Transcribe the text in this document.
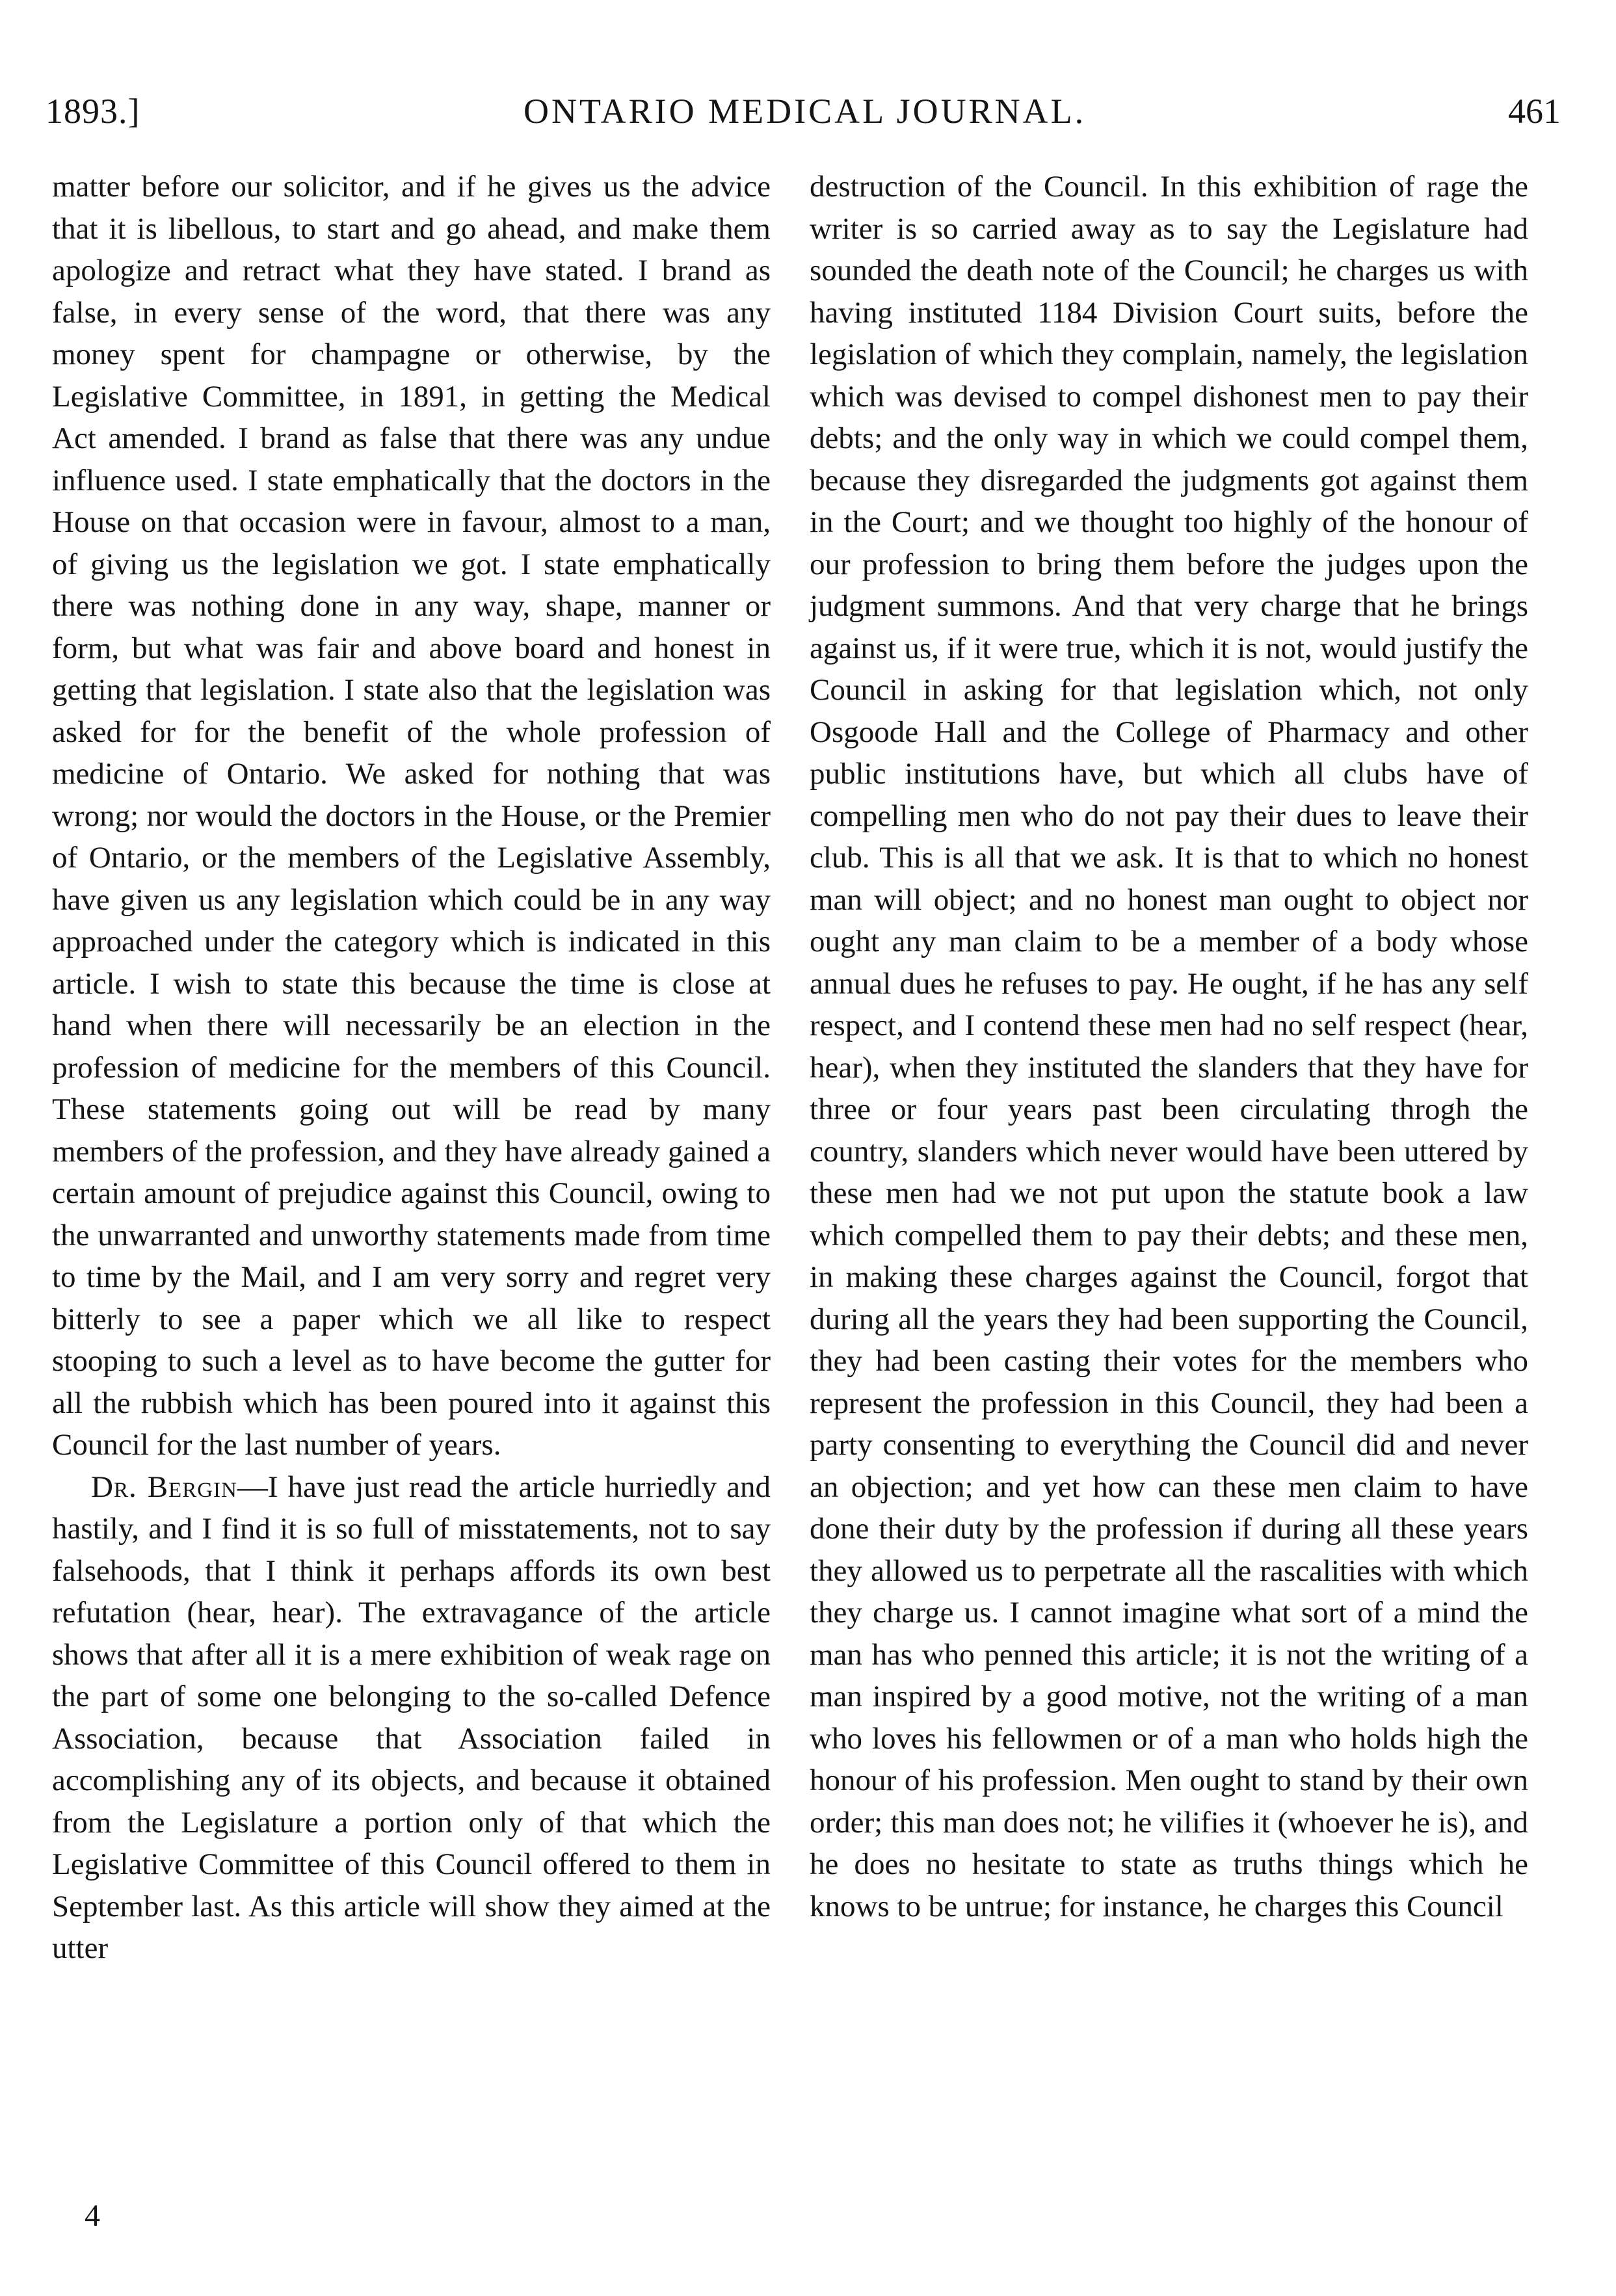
1893.]	ONTARIO MEDICAL JOURNAL.	461

matter before our solicitor, and if he gives us the advice that it is libellous, to start and go ahead, and make them apologize and retract what they have stated. I brand as false, in every sense of the word, that there was any money spent for champagne or otherwise, by the Legislative Committee, in 1891, in getting the Medical Act amended. I brand as false that there was any undue influence used. I state emphatically that the doctors in the House on that occasion were in favour, almost to a man, of giving us the legislation we got. I state emphatically there was nothing done in any way, shape, manner or form, but what was fair and above board and honest in getting that legislation. I state also that the legislation was asked for for the benefit of the whole profession of medicine of Ontario. We asked for nothing that was wrong; nor would the doctors in the House, or the Premier of Ontario, or the members of the Legislative Assembly, have given us any legislation which could be in any way approached under the category which is indicated in this article. I wish to state this because the time is close at hand when there will necessarily be an election in the profession of medicine for the members of this Council. These statements going out will be read by many members of the profession, and they have already gained a certain amount of prejudice against this Council, owing to the unwarranted and unworthy statements made from time to time by the Mail, and I am very sorry and regret very bitterly to see a paper which we all like to respect stooping to such a level as to have become the gutter for all the rubbish which has been poured into it against this Council for the last number of years.

Dr. Bergin—I have just read the article hurriedly and hastily, and I find it is so full of misstatements, not to say falsehoods, that I think it perhaps affords its own best refutation (hear, hear). The extravagance of the article shows that after all it is a mere exhibition of weak rage on the part of some one belonging to the so-called Defence Association, because that Association failed in accomplishing any of its objects, and because it obtained from the Legislature a portion only of that which the Legislative Committee of this Council offered to them in September last. As this article will show they aimed at the utter

destruction of the Council. In this exhibition of rage the writer is so carried away as to say the Legislature had sounded the death note of the Council; he charges us with having instituted 1184 Division Court suits, before the legislation of which they complain, namely, the legislation which was devised to compel dishonest men to pay their debts; and the only way in which we could compel them, because they disregarded the judgments got against them in the Court; and we thought too highly of the honour of our profession to bring them before the judges upon the judgment summons. And that very charge that he brings against us, if it were true, which it is not, would justify the Council in asking for that legislation which, not only Osgoode Hall and the College of Pharmacy and other public institutions have, but which all clubs have of compelling men who do not pay their dues to leave their club. This is all that we ask. It is that to which no honest man will object; and no honest man ought to object nor ought any man claim to be a member of a body whose annual dues he refuses to pay. He ought, if he has any self respect, and I contend these men had no self respect (hear, hear), when they instituted the slanders that they have for three or four years past been circulating throgh the country, slanders which never would have been uttered by these men had we not put upon the statute book a law which compelled them to pay their debts; and these men, in making these charges against the Council, forgot that during all the years they had been supporting the Council, they had been casting their votes for the members who represent the profession in this Council, they had been a party consenting to everything the Council did and never an objection; and yet how can these men claim to have done their duty by the profession if during all these years they allowed us to perpetrate all the rascalities with which they charge us. I cannot imagine what sort of a mind the man has who penned this article; it is not the writing of a man inspired by a good motive, not the writing of a man who loves his fellowmen or of a man who holds high the honour of his profession. Men ought to stand by their own order; this man does not; he vilifies it (whoever he is), and he does no hesitate to state as truths things which he knows to be untrue; for instance, he charges this Council

4
